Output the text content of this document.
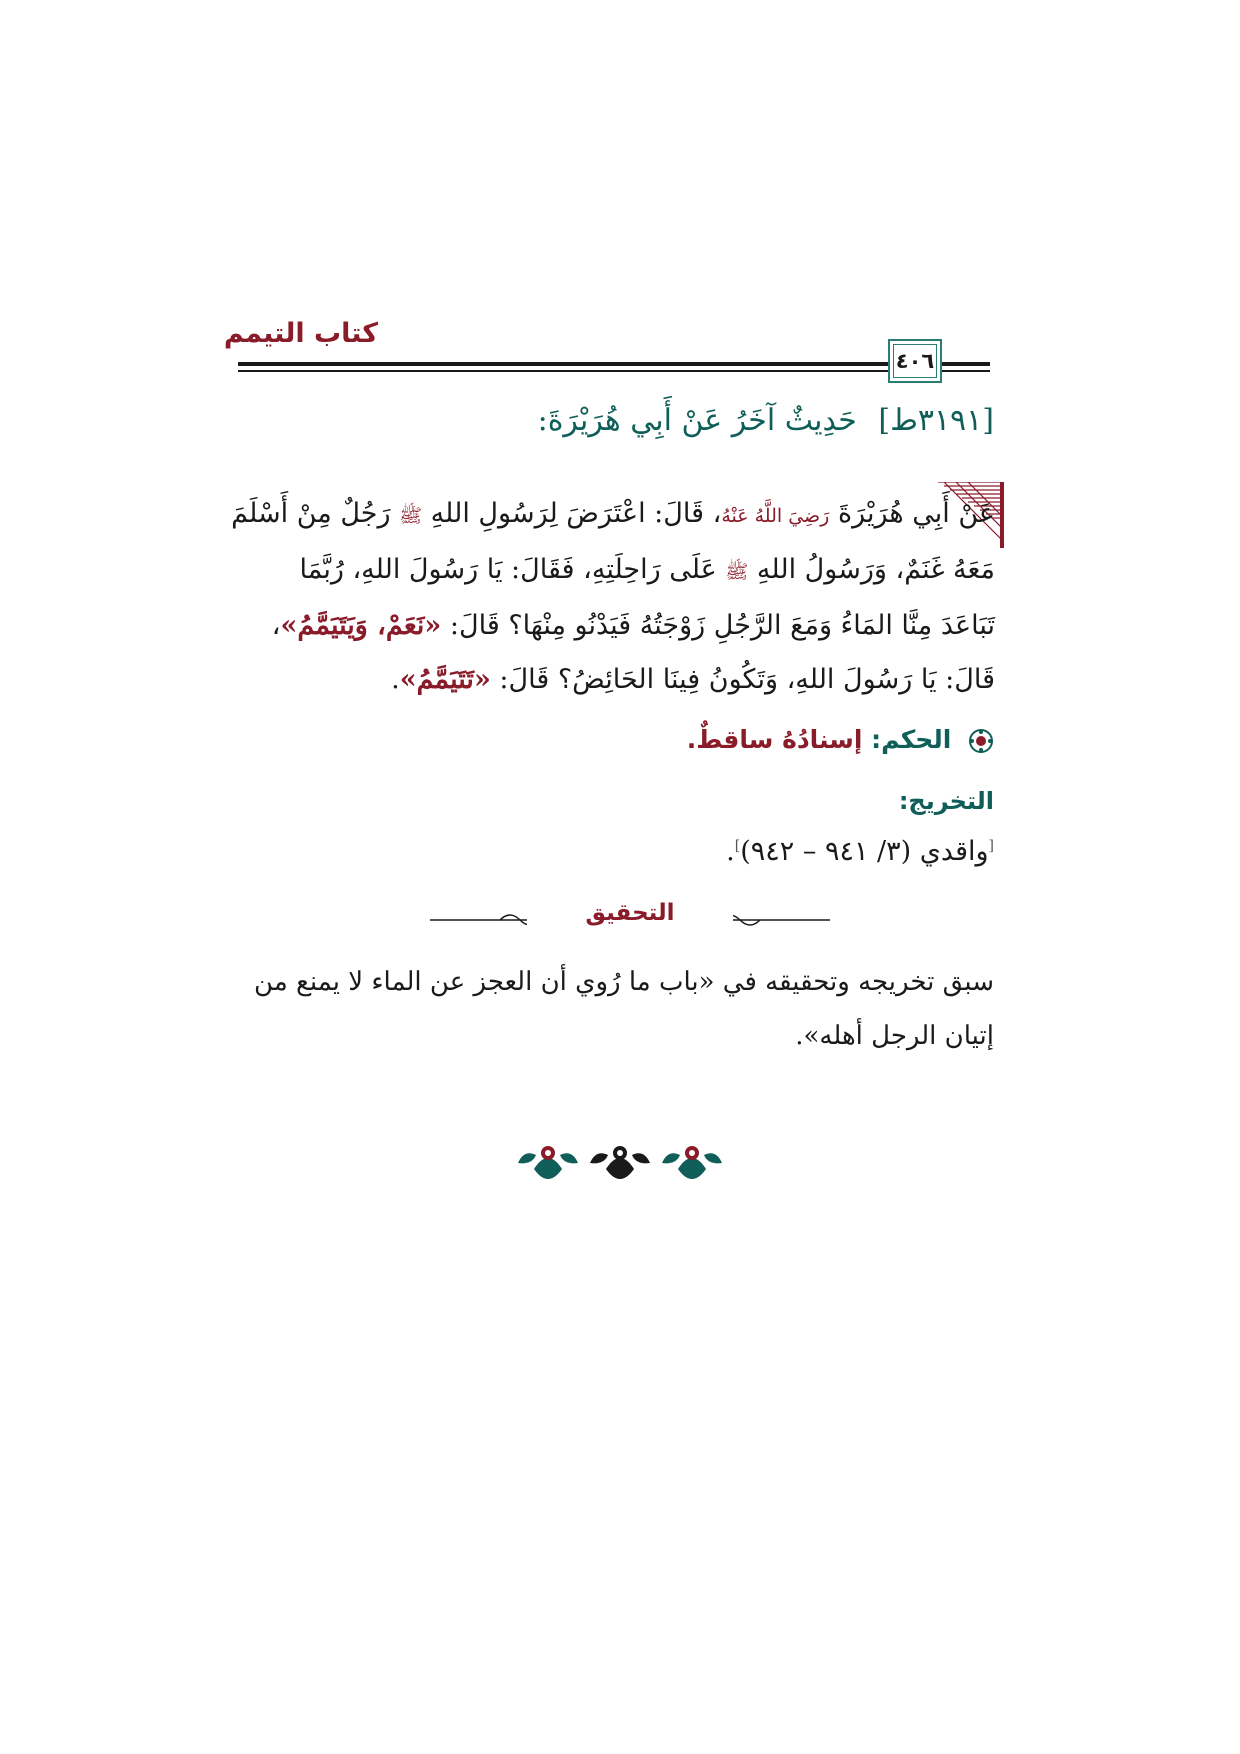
كتاب التيمم
٤٠٦
[٣١٩١ط] حَدِيثٌ آخَرُ عَنْ أَبِي هُرَيْرَةَ:
عَنْ أَبِي هُرَيْرَةَ رَضِيَ اللَّهُ عَنْهُ، قَالَ: اعْتَرَضَ لِرَسُولِ اللهِ ﷺ رَجُلٌ مِنْ أَسْلَمَ
مَعَهُ غَنَمٌ، وَرَسُولُ اللهِ ﷺ عَلَى رَاحِلَتِهِ، فَقَالَ: يَا رَسُولَ اللهِ، رُبَّمَا
تَبَاعَدَ مِنَّا المَاءُ وَمَعَ الرَّجُلِ زَوْجَتُهُ فَيَدْنُو مِنْهَا؟ قَالَ: «نَعَمْ، وَيَتَيَمَّمُ»،
قَالَ: يَا رَسُولَ اللهِ، وَتَكُونُ فِينَا الحَائِضُ؟ قَالَ: «تَتَيَمَّمُ».
الحكم: إسنادُهُ ساقطٌ.
التخريج:
[واقدي (٣/ ٩٤١ – ٩٤٢)].
التحقيق
سبق تخريجه وتحقيقه في «باب ما رُوي أن العجز عن الماء لا يمنع من
إتيان الرجل أهله».
